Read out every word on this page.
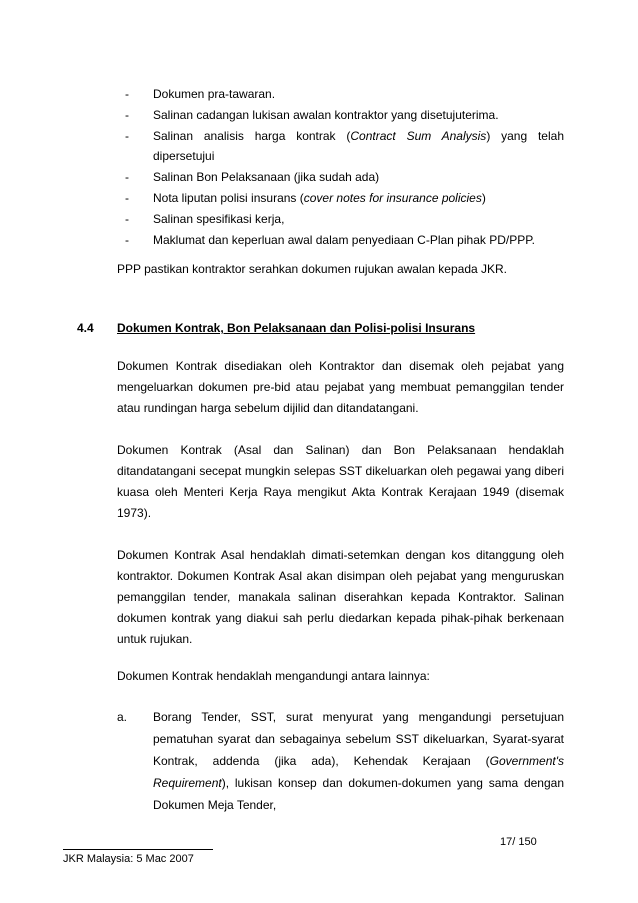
-	Dokumen pra-tawaran.
-	Salinan cadangan lukisan awalan kontraktor yang disetujuterima.
-	Salinan analisis harga kontrak (Contract Sum Analysis) yang telah
dipersetujui
-	Salinan Bon Pelaksanaan (jika sudah ada)
-	Nota liputan polisi insurans (cover notes for insurance policies)
-	Salinan spesifikasi kerja,
-	Maklumat dan keperluan awal dalam penyediaan C-Plan pihak PD/PPP.
PPP pastikan kontraktor serahkan dokumen rujukan awalan kepada JKR.
4.4 Dokumen Kontrak, Bon Pelaksanaan dan Polisi-polisi Insurans
Dokumen Kontrak disediakan oleh Kontraktor dan disemak oleh pejabat yang
mengeluarkan dokumen pre-bid atau pejabat yang membuat pemanggilan tender
atau rundingan harga sebelum dijilid dan ditandatangani.
Dokumen Kontrak (Asal dan Salinan) dan Bon Pelaksanaan hendaklah
ditandatangani secepat mungkin selepas SST dikeluarkan oleh pegawai yang diberi
kuasa oleh Menteri Kerja Raya mengikut Akta Kontrak Kerajaan 1949 (disemak
1973).
Dokumen Kontrak Asal hendaklah dimati-setemkan dengan kos ditanggung oleh
kontraktor. Dokumen Kontrak Asal akan disimpan oleh pejabat yang menguruskan
pemanggilan tender, manakala salinan diserahkan kepada Kontraktor. Salinan
dokumen kontrak yang diakui sah perlu diedarkan kepada pihak-pihak berkenaan
untuk rujukan.
Dokumen Kontrak hendaklah mengandungi antara lainnya:
a.	Borang Tender, SST, surat menyurat yang mengandungi persetujuan
pematuhan syarat dan sebagainya sebelum SST dikeluarkan, Syarat-syarat
Kontrak, addenda (jika ada), Kehendak Kerajaan (Government's
Requirement), lukisan konsep dan dokumen-dokumen yang sama dengan
Dokumen Meja Tender,
17/ 150
JKR Malaysia: 5 Mac 2007
